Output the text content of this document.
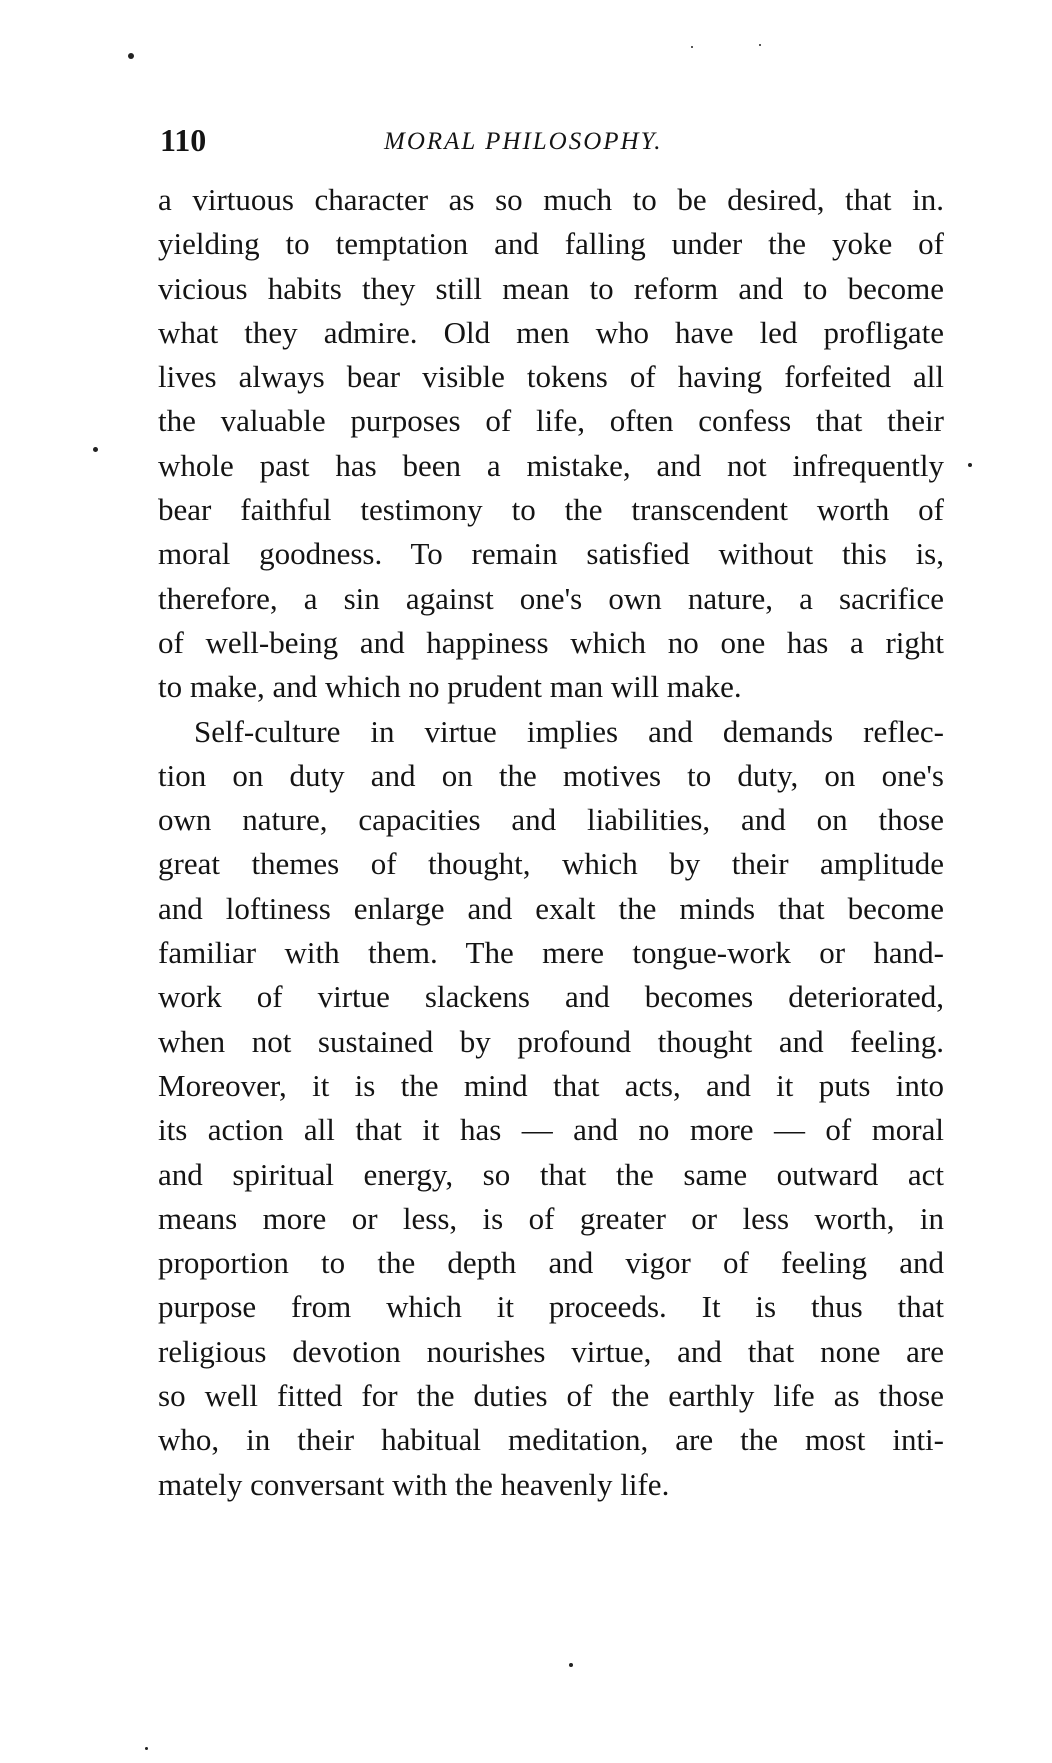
110	MORAL PHILOSOPHY.
a virtuous character as so much to be desired, that in.
yielding to temptation and falling under the yoke of
vicious habits they still mean to reform and to become
what they admire. Old men who have led profligate
lives always bear visible tokens of having forfeited all
the valuable purposes of life, often confess that their
whole past has been a mistake, and not infrequently
bear faithful testimony to the transcendent worth of
moral goodness. To remain satisfied without this is,
therefore, a sin against one's own nature, a sacrifice
of well-being and happiness which no one has a right
to make, and which no prudent man will make.
Self-culture in virtue implies and demands reflec-
tion on duty and on the motives to duty, on one's
own nature, capacities and liabilities, and on those
great themes of thought, which by their amplitude
and loftiness enlarge and exalt the minds that become
familiar with them. The mere tongue-work or hand-
work of virtue slackens and becomes deteriorated,
when not sustained by profound thought and feeling.
Moreover, it is the mind that acts, and it puts into
its action all that it has — and no more — of moral
and spiritual energy, so that the same outward act
means more or less, is of greater or less worth, in
proportion to the depth and vigor of feeling and
purpose from which it proceeds. It is thus that
religious devotion nourishes virtue, and that none are
so well fitted for the duties of the earthly life as those
who, in their habitual meditation, are the most inti-
mately conversant with the heavenly life.
